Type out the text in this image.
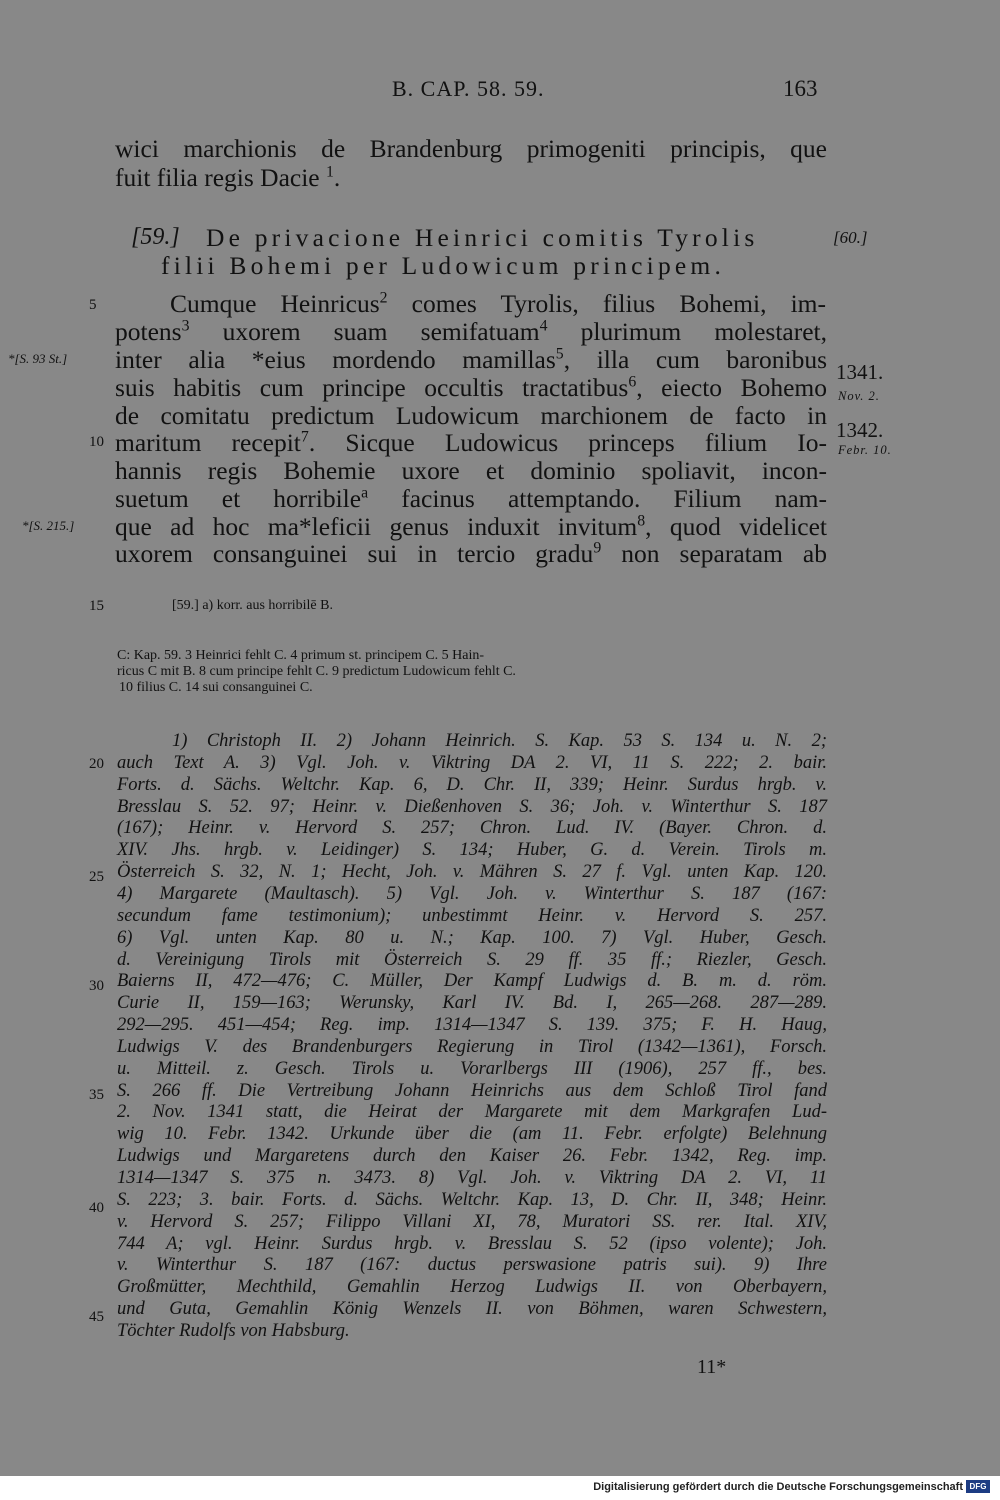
B. CAP. 58. 59.	163
wici marchionis de Brandenburg primogeniti principis, que
fuit filia regis Dacie $^1$.
[59.] De privacione Heinrici comitis Tyrolis
filii Bohemi per Ludowicum principem.
[60.]
Cumque Heinricus$^2$ comes Tyrolis, filius Bohemi, im-
potens$^3$ uxorem suam semifatuam$^4$ plurimum molestaret,
inter alia *eius mordendo mamillas$^5$, illa cum baronibus
suis habitis cum principe occultis tractatibus$^6$, eiecto Bohemo
de comitatu predictum Ludowicum marchionem de facto in
maritum recepit$^7$. Sicque Ludowicus princeps filium Io-
hannis regis Bohemie uxore et dominio spoliavit, incon-
suetum et horribile$^a$ facinus attemptando. Filium nam-
que ad hoc ma*leficii genus induxit invitum$^8$, quod videlicet
uxorem consanguinei sui in tercio gradu$^9$ non separatam ab
*[S. 93 St.]
*[S. 215.]
1341.
Nov. 2.
1342.
Febr. 10.
5
10
15
20
25
30
35
40
45
[59.] a) korr. aus horribilē B.
C: Kap. 59. 3 Heinrici fehlt C. 4 primum st. principem C. 5 Hain-
ricus C mit B. 8 cum principe fehlt C. 9 predictum Ludowicum fehlt C.
10 filius C. 14 sui consanguinei C.
1) Christoph II. 2) Johann Heinrich. S. Kap. 53 S. 134 u. N. 2;
auch Text A. 3) Vgl. Joh. v. Viktring DA 2. VI, 11 S. 222; 2. bair.
Forts. d. Sächs. Weltchr. Kap. 6, D. Chr. II, 339; Heinr. Surdus hrgb. v.
Bresslau S. 52. 97; Heinr. v. Dießenhoven S. 36; Joh. v. Winterthur S. 187
(167); Heinr. v. Hervord S. 257; Chron. Lud. IV. (Bayer. Chron. d.
XIV. Jhs. hrgb. v. Leidinger) S. 134; Huber, G. d. Verein. Tirols m.
Österreich S. 32, N. 1; Hecht, Joh. v. Mähren S. 27 f. Vgl. unten Kap. 120.
4) Margarete (Maultasch). 5) Vgl. Joh. v. Winterthur S. 187 (167:
secundum fame testimonium); unbestimmt Heinr. v. Hervord S. 257.
6) Vgl. unten Kap. 80 u. N.; Kap. 100. 7) Vgl. Huber, Gesch.
d. Vereinigung Tirols mit Österreich S. 29 ff. 35 ff.; Riezler, Gesch.
Baierns II, 472—476; C. Müller, Der Kampf Ludwigs d. B. m. d. röm.
Curie II, 159—163; Werunsky, Karl IV. Bd. I, 265—268. 287—289.
292—295. 451—454; Reg. imp. 1314—1347 S. 139. 375; F. H. Haug,
Ludwigs V. des Brandenburgers Regierung in Tirol (1342—1361), Forsch.
u. Mitteil. z. Gesch. Tirols u. Vorarlbergs III (1906), 257 ff., bes.
S. 266 ff. Die Vertreibung Johann Heinrichs aus dem Schloß Tirol fand
2. Nov. 1341 statt, die Heirat der Margarete mit dem Markgrafen Lud-
wig 10. Febr. 1342. Urkunde über die (am 11. Febr. erfolgte) Belehnung
Ludwigs und Margaretens durch den Kaiser 26. Febr. 1342, Reg. imp.
1314—1347 S. 375 n. 3473. 8) Vgl. Joh. v. Viktring DA 2. VI, 11
S. 223; 3. bair. Forts. d. Sächs. Weltchr. Kap. 13, D. Chr. II, 348; Heinr.
v. Hervord S. 257; Filippo Villani XI, 78, Muratori SS. rer. Ital. XIV,
744 A; vgl. Heinr. Surdus hrgb. v. Bresslau S. 52 (ipso volente); Joh.
v. Winterthur S. 187 (167: ductus perswasione patris sui). 9) Ihre
Großmütter, Mechthild, Gemahlin Herzog Ludwigs II. von Oberbayern,
und Guta, Gemahlin König Wenzels II. von Böhmen, waren Schwestern,
Töchter Rudolfs von Habsburg.
11*
Digitalisierung gefördert durch die Deutsche Forschungsgemeinschaft DFG
